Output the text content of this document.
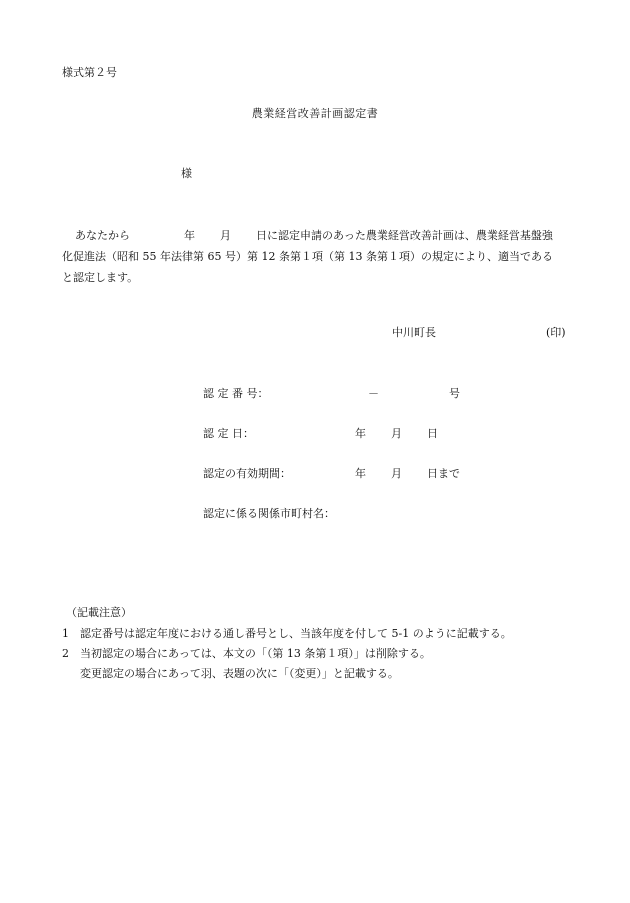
様式第２号
農業経営改善計画認定書
様
あなたから	年 月 日に認定申請のあった農業経営改善計画は、農業経営基盤強
化促進法（昭和 55 年法律第 65 号）第 12 条第１項（第 13 条第１項）の規定により、適当である
と認定します。
中川町長	(印)
認 定 番 号：	－	号
認 定 日：	年 月 日
認定の有効期間：	年 月 日まで
認定に係る関係市町村名：
（記載注意）
1 認定番号は認定年度における通し番号とし、当該年度を付して 5-1 のように記載する。
2 当初認定の場合にあっては、本文の「（第 13 条第１項）」は削除する。
変更認定の場合にあって羽、表題の次に「（変更）」と記載する。
